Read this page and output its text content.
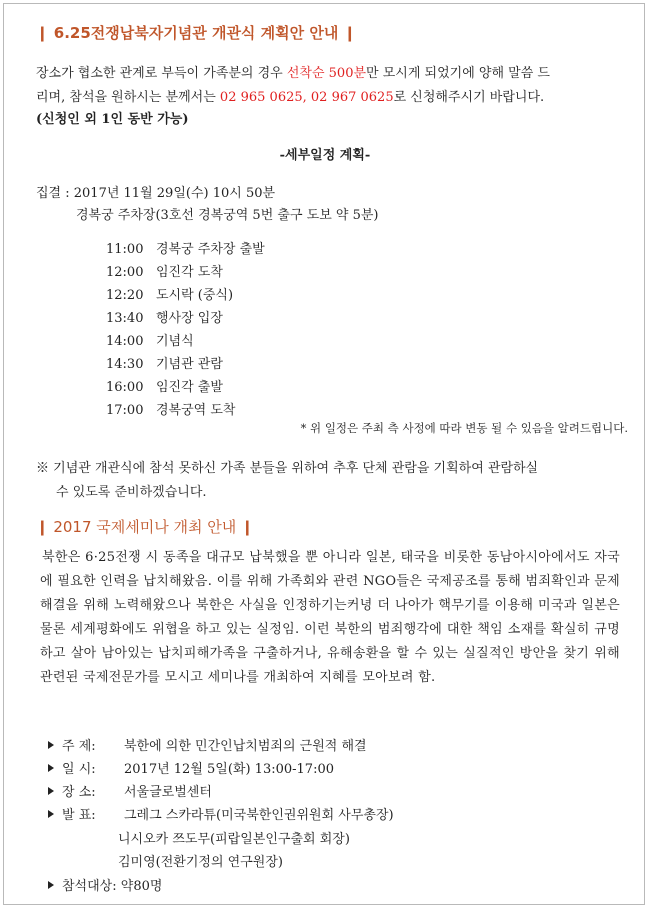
❙ 6.25전쟁납북자기념관 개관식 계획안 안내 ❙
장소가 협소한 관계로 부득이 가족분의 경우 선착순 500분만 모시게 되었기에 양해 말씀 드
리며, 참석을 원하시는 분께서는 02 965 0625, 02 967 0625로 신청해주시기 바랍니다.
(신청인 외 1인 동반 가능)
-세부일정 계획-
집결 : 2017년 11월 29일(수) 10시 50분
경복궁 주차장(3호선 경복궁역 5번 출구 도보 약 5분)
11:00 경복궁 주차장 출발
12:00 임진각 도착
12:20 도시락 (중식)
13:40 행사장 입장
14:00 기념식
14:30 기념관 관람
16:00 임진각 출발
17:00 경복궁역 도착
* 위 일정은 주최 측 사정에 따라 변동 될 수 있음을 알려드립니다.
※ 기념관 개관식에 참석 못하신 가족 분들을 위하여 추후 단체 관람을 기획하여 관람하실
수 있도록 준비하겠습니다.
❙ 2017 국제세미나 개최 안내 ❙
북한은 6·25전쟁 시 동족을 대규모 납북했을 뿐 아니라 일본, 태국을 비롯한 동남아시아에서도 자국에 필요한 인력을 납치해왔음. 이를 위해 가족회와 관련 NGO들은 국제공조를 통해 범죄확인과 문제해결을 위해 노력해왔으나 북한은 사실을 인정하기는커녕 더 나아가 핵무기를 이용해 미국과 일본은 물론 세계평화에도 위협을 하고 있는 실정임. 이런 북한의 범죄행각에 대한 책임 소재를 확실히 규명하고 살아 남아있는 납치피해가족을 구출하거나, 유해송환을 할 수 있는 실질적인 방안을 찾기 위해 관련된 국제전문가를 모시고 세미나를 개최하여 지혜를 모아보려 함.
주 제: 북한에 의한 민간인납치범죄의 근원적 해결
일 시: 2017년 12월 5일(화) 13:00-17:00
장 소: 서울글로벌센터
발 표: 그레그 스카라튜(미국북한인권위원회 사무총장)
니시오카 쯔도무(피랍일본인구출회 회장)
김미영(전환기정의 연구원장)
참석대상: 약80명
